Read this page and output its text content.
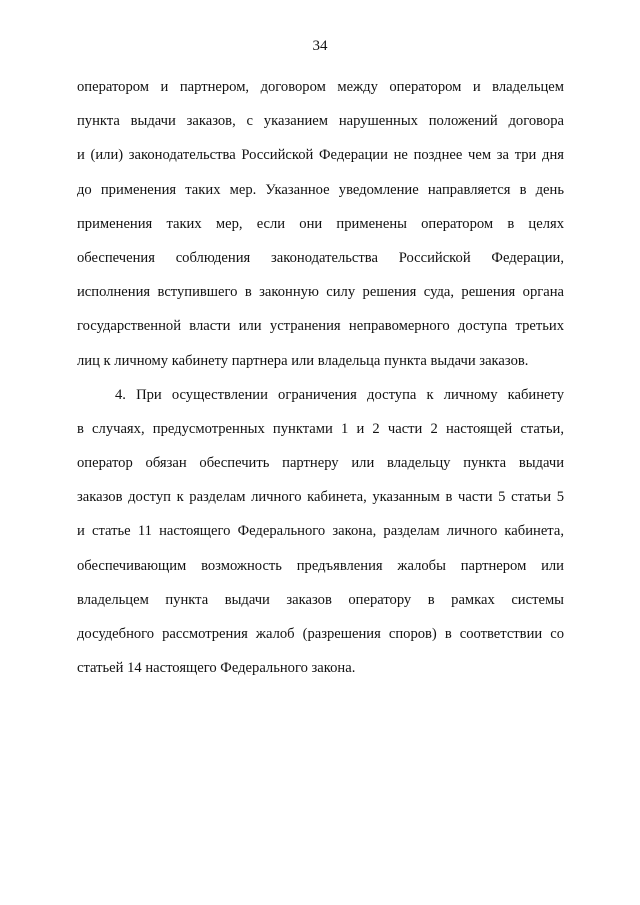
34
оператором и партнером, договором между оператором и владельцем
пункта выдачи заказов, с указанием нарушенных положений договора
и (или) законодательства Российской Федерации не позднее чем за три дня
до применения таких мер. Указанное уведомление направляется в день
применения таких мер, если они применены оператором в целях
обеспечения соблюдения законодательства Российской Федерации,
исполнения вступившего в законную силу решения суда, решения органа
государственной власти или устранения неправомерного доступа третьих
лиц к личному кабинету партнера или владельца пункта выдачи заказов.
4. При осуществлении ограничения доступа к личному кабинету
в случаях, предусмотренных пунктами 1 и 2 части 2 настоящей статьи,
оператор обязан обеспечить партнеру или владельцу пункта выдачи
заказов доступ к разделам личного кабинета, указанным в части 5 статьи 5
и статье 11 настоящего Федерального закона, разделам личного кабинета,
обеспечивающим возможность предъявления жалобы партнером или
владельцем пункта выдачи заказов оператору в рамках системы
досудебного рассмотрения жалоб (разрешения споров) в соответствии со
статьей 14 настоящего Федерального закона.
